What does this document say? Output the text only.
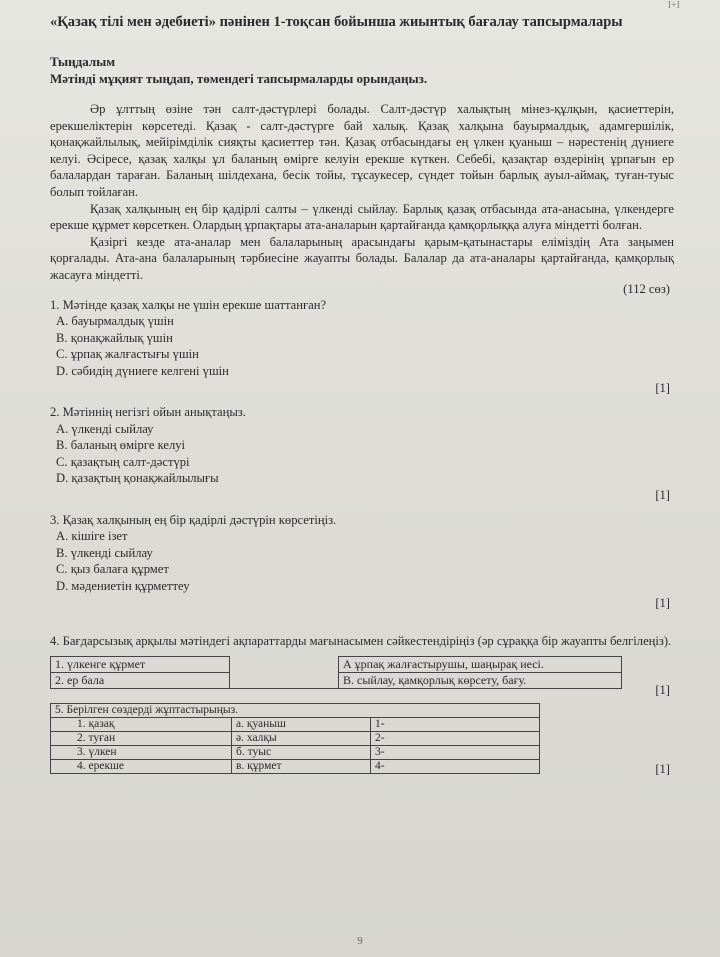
I+I
«Қазақ тілі мен әдебиеті» пәнінен 1-тоқсан бойынша жиынтық бағалау тапсырмалары
Тыңдалым
Мәтінді мұқият тыңдап, төмендегі тапсырмаларды орындаңыз.

Әр ұлттың өзіне тән салт-дәстүрлері болады. Салт-дәстүр халықтың мінез-құлқын, қасиеттерін, ерекшеліктерін көрсетеді. Қазақ - салт-дәстүрге бай халық. Қазақ халқына бауырмалдық, адамгершілік, қонақжайлылық, мейірімділік сияқты қасиеттер тән. Қазақ отбасындағы ең үлкен қуаныш – нәрестенің дүниеге келуі. Әсіресе, қазақ халқы ұл баланың өмірге келуін ерекше күткен. Себебі, қазақтар өздерінің ұрпағын ер балалардан тараған. Баланың шілдехана, бесік тойы, тұсаукесер, сүндет тойын барлық ауыл-аймақ, туған-туыс болып тойлаған.

Қазақ халқының ең бір қадірлі салты – үлкенді сыйлау. Барлық қазақ отбасында ата-анасына, үлкендерге ерекше құрмет көрсеткен. Олардың ұрпақтары ата-аналарын қартайғанда қамқорлыққа алуға міндетті болған.

Қазіргі кезде ата-аналар мен балаларының арасындағы қарым-қатынастары еліміздің Ата заңымен қорғалады. Ата-ана балаларының тәрбиесіне жауапты болады. Балалар да ата-аналары қартайғанда, қамқорлық жасауға міндетті.

(112 сөз)
1. Мәтінде қазақ халқы не үшін ерекше шаттанған?
А. бауырмалдық үшін
В. қонақжайлық үшін
С. ұрпақ жалғастығы үшін
D. сәбидің дүниеге келгені үшін
[1]
2. Мәтіннің негізгі ойын анықтаңыз.
А. үлкенді сыйлау
В. баланың өмірге келуі
С. қазақтың салт-дәстүрі
D. қазақтың қонақжайлылығы
[1]
3. Қазақ халқының ең бір қадірлі дәстүрін көрсетіңіз.
А. кішіге ізет
В. үлкенді сыйлау
С. қыз балаға құрмет
D. мәдениетін құрметтеу
[1]
4. Бағдарсызық арқылы мәтіндегі ақпараттарды мағынасымен сәйкестендіріңіз (әр сұраққа бір жауапты белгілеңіз).
1. үлкенге құрмет		А ұрпақ жалғастырушы, шаңырақ иесі.
2. ер бала		В. сыйлау, қамқорлық көрсету, бағу.
[1]
5. Берілген сөздерді жұптастырыңыз.		
1. қазақ	а. қуаныш	1-
2. туған	ә. халқы	2-
3. үлкен	б. туыс	3-
4. ерекше	в. құрмет	4-	[1]
9
